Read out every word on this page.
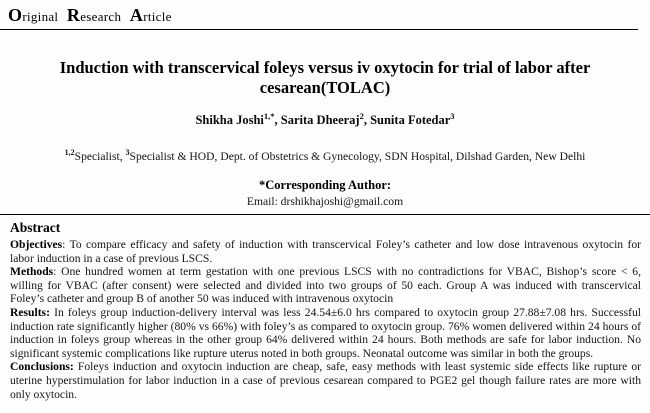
Original Research Article
Induction with transcervical foleys versus iv oxytocin for trial of labor after
cesarean(TOLAC)

Shikha Joshi$^{1,*}$, Sarita Dheeraj$^2$, Sunita Fotedar$^3$

$^{1,2}$Specialist, $^3$Specialist & HOD, Dept. of Obstetrics & Gynecology, SDN Hospital, Dilshad Garden, New Delhi

*Corresponding Author:

Email: drshikhajoshi@gmail.com

Abstract

Objectives: To compare efficacy and safety of induction with transcervical Foley’s catheter and low dose intravenous oxytocin for labor induction in a case of previous LSCS.

Methods: One hundred women at term gestation with one previous LSCS with no contradictions for VBAC, Bishop’s score < 6, willing for VBAC (after consent) were selected and divided into two groups of 50 each. Group A was induced with transcervical Foley’s catheter and group B of another 50 was induced with intravenous oxytocin

Results: In foleys group induction-delivery interval was less 24.54±6.0 hrs compared to oxytocin group 27.88±7.08 hrs. Successful induction rate significantly higher (80% vs 66%) with foley’s as compared to oxytocin group. 76% women delivered within 24 hours of induction in foleys group whereas in the other group 64% delivered within 24 hours. Both methods are safe for labor induction. No significant systemic complications like rupture uterus noted in both groups. Neonatal outcome was similar in both the groups.

Conclusions: Foleys induction and oxytocin induction are cheap, safe, easy methods with least systemic side effects like rupture or uterine hyperstimulation for labor induction in a case of previous cesarean compared to PGE2 gel though failure rates are more with only oxytocin.
